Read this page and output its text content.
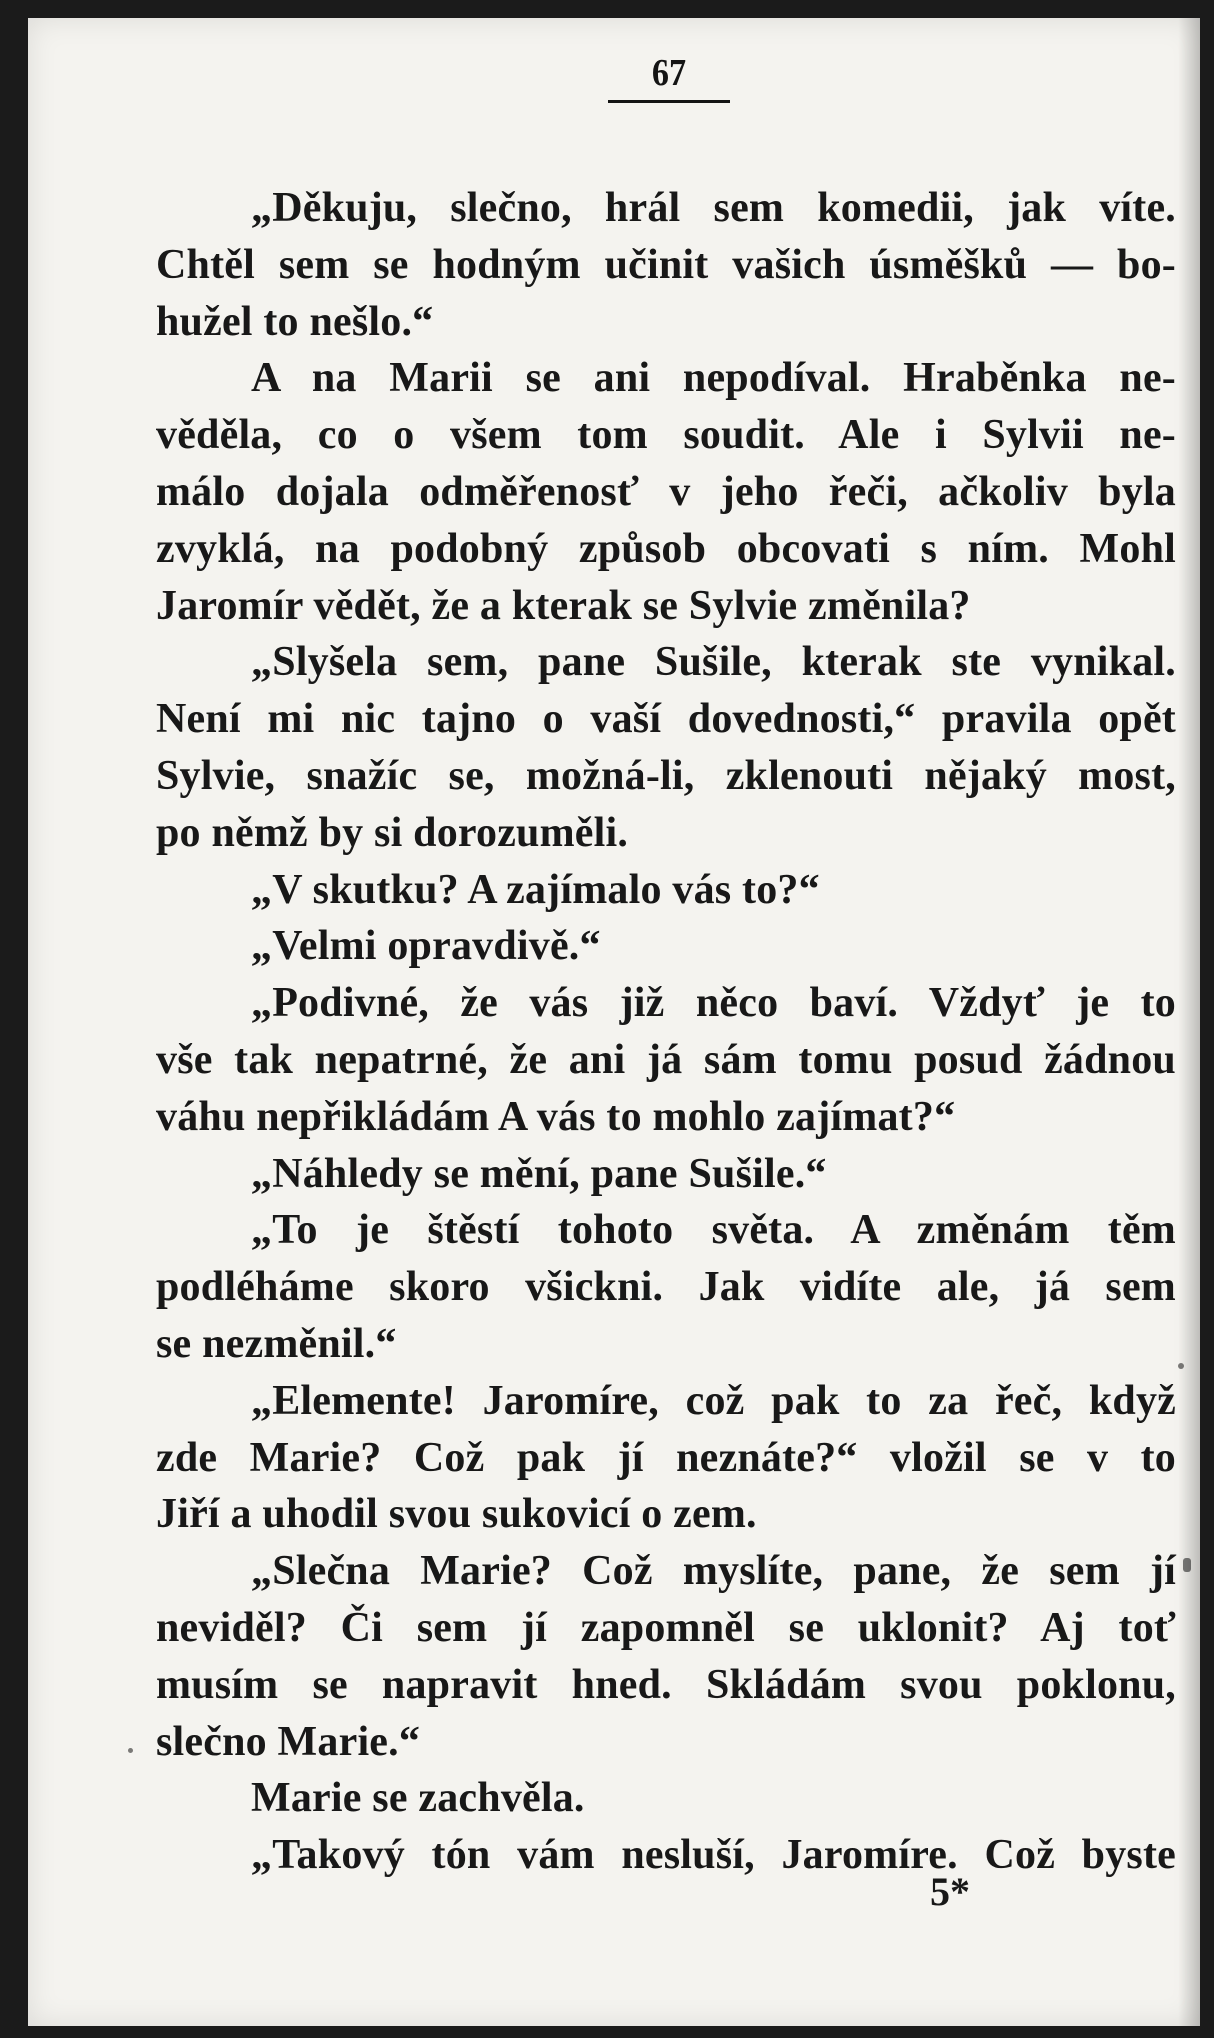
67
„Děkuju, slečno, hrál sem komedii, jak víte.
Chtěl sem se hodným učinit vašich úsměšků — bo-
hužel to nešlo.“
A na Marii se ani nepodíval. Hraběnka ne-
věděla, co o všem tom soudit. Ale i Sylvii ne-
málo dojala odměřenosť v jeho řeči, ačkoliv byla
zvyklá, na podobný způsob obcovati s ním. Mohl
Jaromír vědět, že a kterak se Sylvie změnila?
„Slyšela sem, pane Sušile, kterak ste vynikal.
Není mi nic tajno o vaší dovednosti,“ pravila opět
Sylvie, snažíc se, možná-li, zklenouti nějaký most,
po němž by si dorozuměli.
„V skutku? A zajímalo vás to?“
„Velmi opravdivě.“
„Podivné, že vás již něco baví. Vždyť je to
vše tak nepatrné, že ani já sám tomu posud žádnou
váhu nepřikládám A vás to mohlo zajímat?“
„Náhledy se mění, pane Sušile.“
„To je štěstí tohoto světa. A změnám těm
podléháme skoro všickni. Jak vidíte ale, já sem
se nezměnil.“
„Elemente! Jaromíre, což pak to za řeč, když
zde Marie? Což pak jí neznáte?“ vložil se v to
Jiří a uhodil svou sukovicí o zem.
„Slečna Marie? Což myslíte, pane, že sem jí
neviděl? Či sem jí zapomněl se uklonit? Aj toť
musím se napravit hned. Skládám svou poklonu,
slečno Marie.“
Marie se zachvěla.
„Takový tón vám nesluší, Jaromíre. Což byste
5*
